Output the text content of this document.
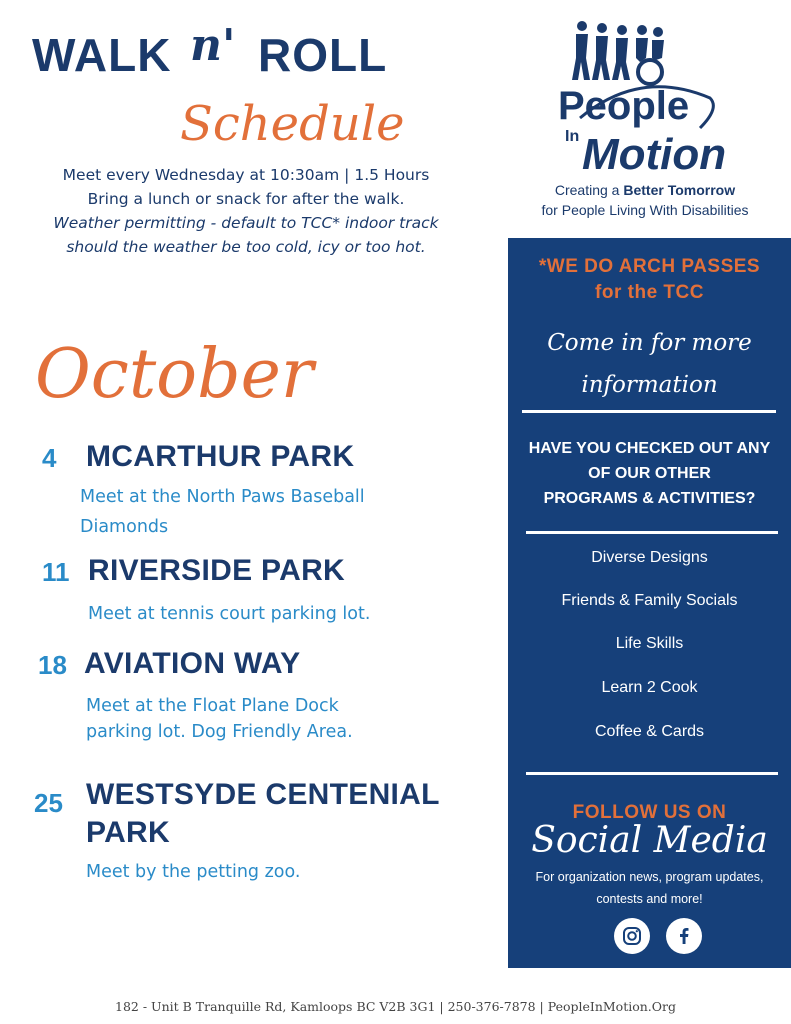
WALK n' ROLL
Schedule
Meet every Wednesday at 10:30am | 1.5 Hours
Bring a lunch or snack for after the walk.
Weather permitting - default to TCC* indoor track should the weather be too cold, icy or too hot.
October
4 MCARTHUR PARK
Meet at the North Paws Baseball Diamonds
11 RIVERSIDE PARK
Meet at tennis court parking lot.
18 AVIATION WAY
Meet at the Float Plane Dock parking lot. Dog Friendly Area.
25 WESTSYDE CENTENIAL PARK
Meet by the petting zoo.
People
In Motion
Creating a Better Tomorrow
for People Living With Disabilities
*WE DO ARCH PASSES
for the TCC
Come in for more
information
HAVE YOU CHECKED OUT ANY
OF OUR OTHER
PROGRAMS & ACTIVITIES?
Diverse Designs
Friends & Family Socials
Life Skills
Learn 2 Cook
Coffee & Cards
FOLLOW US ON
Social Media
For organization news, program updates, contests and more!
182 - Unit B Tranquille Rd, Kamloops BC V2B 3G1 | 250-376-7878 | PeopleInMotion.Org
